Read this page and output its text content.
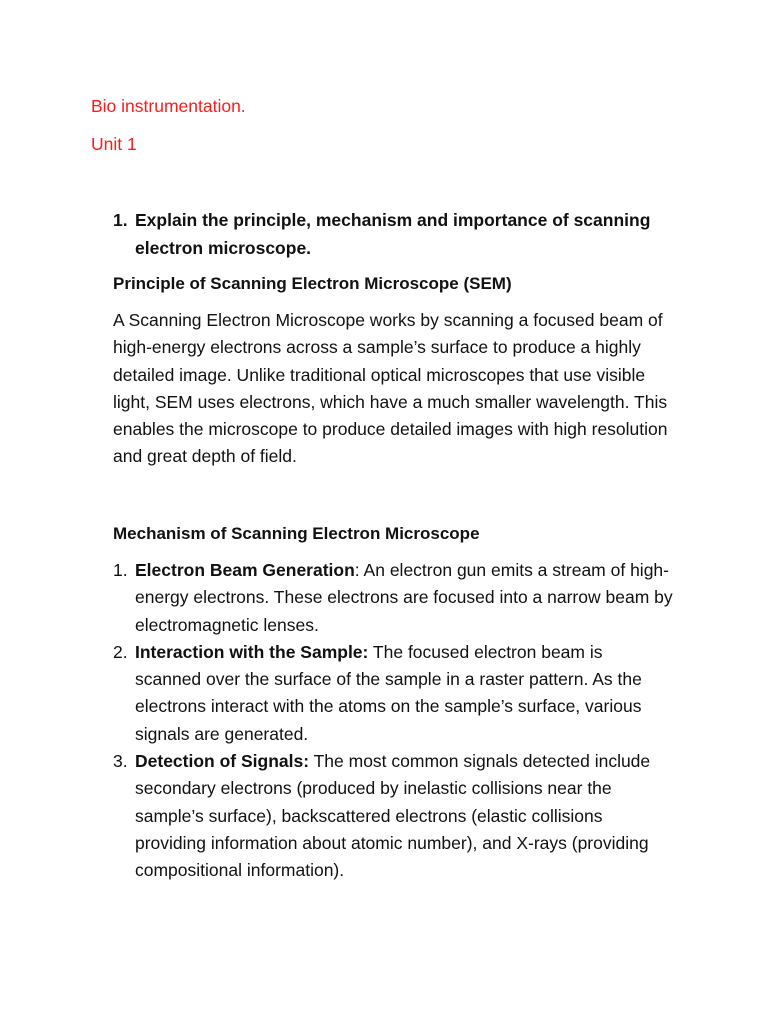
Bio instrumentation.

Unit 1

1. Explain the principle, mechanism and importance of scanning electron microscope.

Principle of Scanning Electron Microscope (SEM)

A Scanning Electron Microscope works by scanning a focused beam of high-energy electrons across a sample’s surface to produce a highly detailed image. Unlike traditional optical microscopes that use visible light, SEM uses electrons, which have a much smaller wavelength. This enables the microscope to produce detailed images with high resolution and great depth of field.

Mechanism of Scanning Electron Microscope

1. Electron Beam Generation: An electron gun emits a stream of high-energy electrons. These electrons are focused into a narrow beam by electromagnetic lenses.
2. Interaction with the Sample: The focused electron beam is scanned over the surface of the sample in a raster pattern. As the electrons interact with the atoms on the sample’s surface, various signals are generated.
3. Detection of Signals: The most common signals detected include secondary electrons (produced by inelastic collisions near the sample’s surface), backscattered electrons (elastic collisions providing information about atomic number), and X-rays (providing compositional information).
